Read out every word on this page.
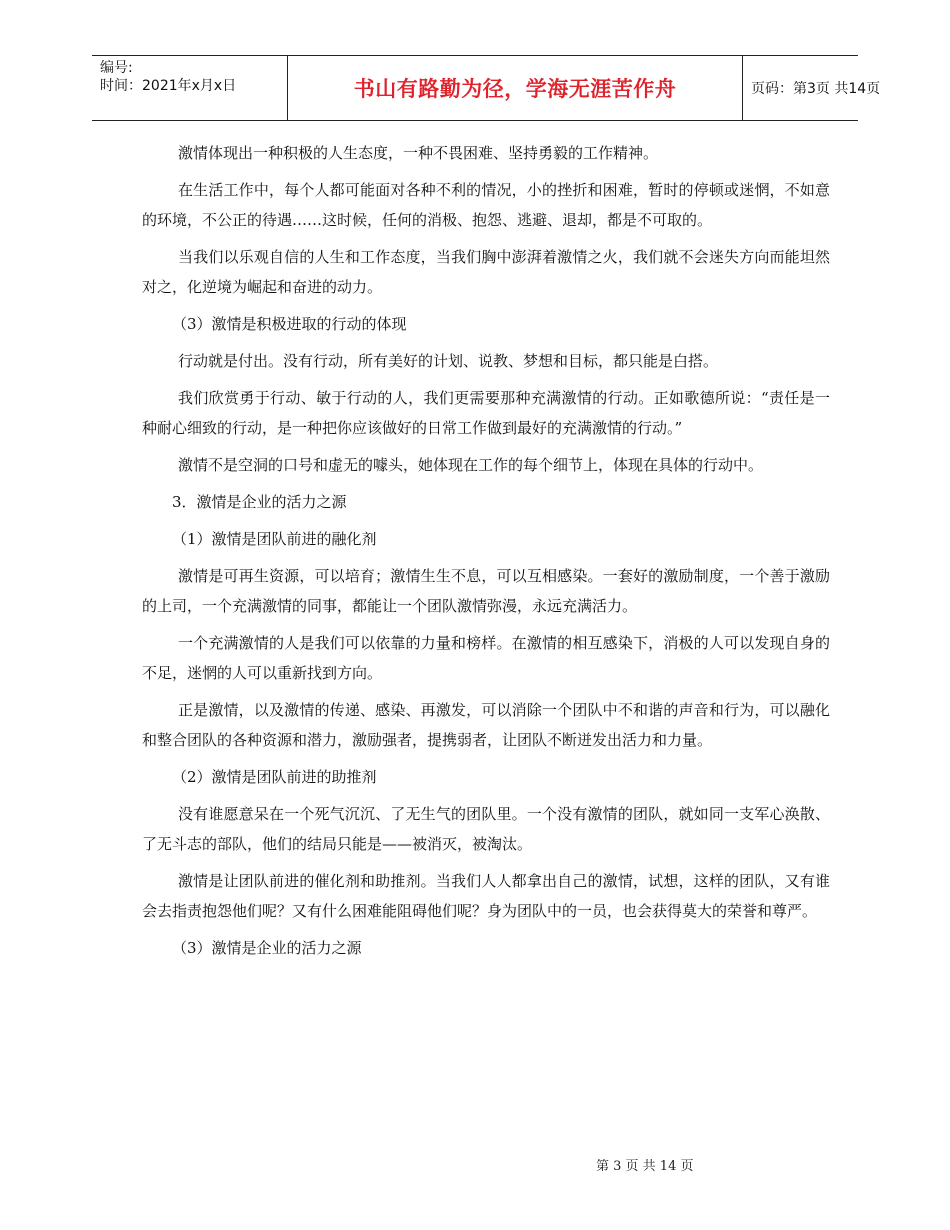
编号:
时间：2021年x月x日	书山有路勤为径，学海无涯苦作舟	页码：第3页 共14页

激情体现出一种积极的人生态度，一种不畏困难、坚持勇毅的工作精神。

在生活工作中，每个人都可能面对各种不利的情况，小的挫折和困难，暂时的停顿或迷惘，不如意的环境，不公正的待遇……这时候，任何的消极、抱怨、逃避、退却，都是不可取的。

当我们以乐观自信的人生和工作态度，当我们胸中澎湃着激情之火，我们就不会迷失方向而能坦然对之，化逆境为崛起和奋进的动力。

（3）激情是积极进取的行动的体现

行动就是付出。没有行动，所有美好的计划、说教、梦想和目标，都只能是白搭。

我们欣赏勇于行动、敏于行动的人，我们更需要那种充满激情的行动。正如歌德所说：“责任是一种耐心细致的行动，是一种把你应该做好的日常工作做到最好的充满激情的行动。”

激情不是空洞的口号和虚无的噱头，她体现在工作的每个细节上，体现在具体的行动中。

3．激情是企业的活力之源

（1）激情是团队前进的融化剂

激情是可再生资源，可以培育；激情生生不息，可以互相感染。一套好的激励制度，一个善于激励的上司，一个充满激情的同事，都能让一个团队激情弥漫，永远充满活力。

一个充满激情的人是我们可以依靠的力量和榜样。在激情的相互感染下，消极的人可以发现自身的不足，迷惘的人可以重新找到方向。

正是激情，以及激情的传递、感染、再激发，可以消除一个团队中不和谐的声音和行为，可以融化和整合团队的各种资源和潜力，激励强者，提携弱者，让团队不断迸发出活力和力量。

（2）激情是团队前进的助推剂

没有谁愿意呆在一个死气沉沉、了无生气的团队里。一个没有激情的团队，就如同一支军心涣散、了无斗志的部队，他们的结局只能是——被消灭，被淘汰。

激情是让团队前进的催化剂和助推剂。当我们人人都拿出自己的激情，试想，这样的团队，又有谁会去指责抱怨他们呢？又有什么困难能阻碍他们呢？身为团队中的一员，也会获得莫大的荣誉和尊严。

（3）激情是企业的活力之源

第 3 页 共 14 页
